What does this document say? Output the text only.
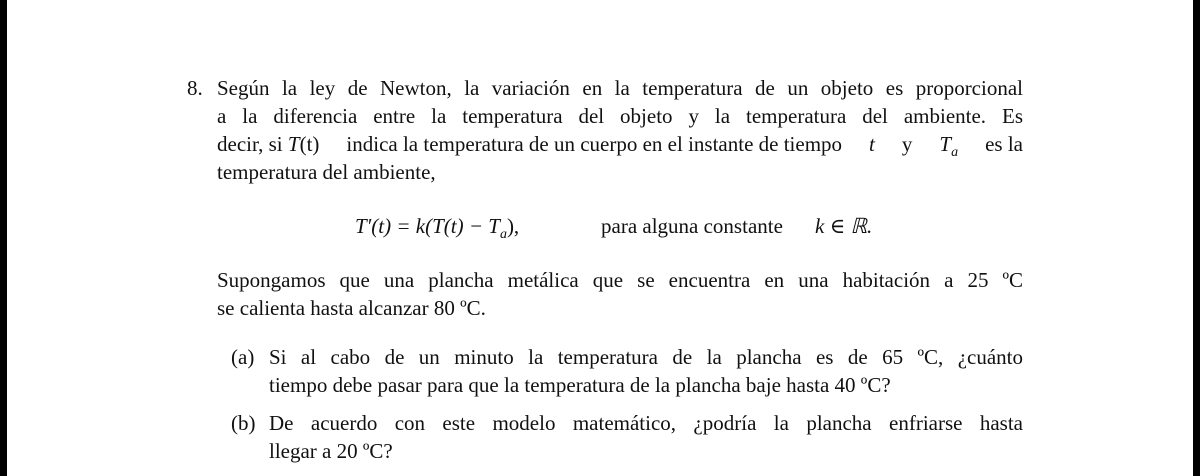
8. Según la ley de Newton, la variación en la temperatura de un objeto es proporcional
a la diferencia entre la temperatura del objeto y la temperatura del ambiente. Es
decir, si T(t) indica la temperatura de un cuerpo en el instante de tiempo t y $T_a$ es la
temperatura del ambiente,
$T'(t) = k(T(t) - T_a)$,	para alguna constante k ∈ ℝ.
Supongamos que una plancha metálica que se encuentra en una habitación a 25 ºC
se calienta hasta alcanzar 80 ºC.
(a) Si al cabo de un minuto la temperatura de la plancha es de 65 ºC, ¿cuánto
tiempo debe pasar para que la temperatura de la plancha baje hasta 40 ºC?
(b) De acuerdo con este modelo matemático, ¿podría la plancha enfriarse hasta
llegar a 20 ºC?
